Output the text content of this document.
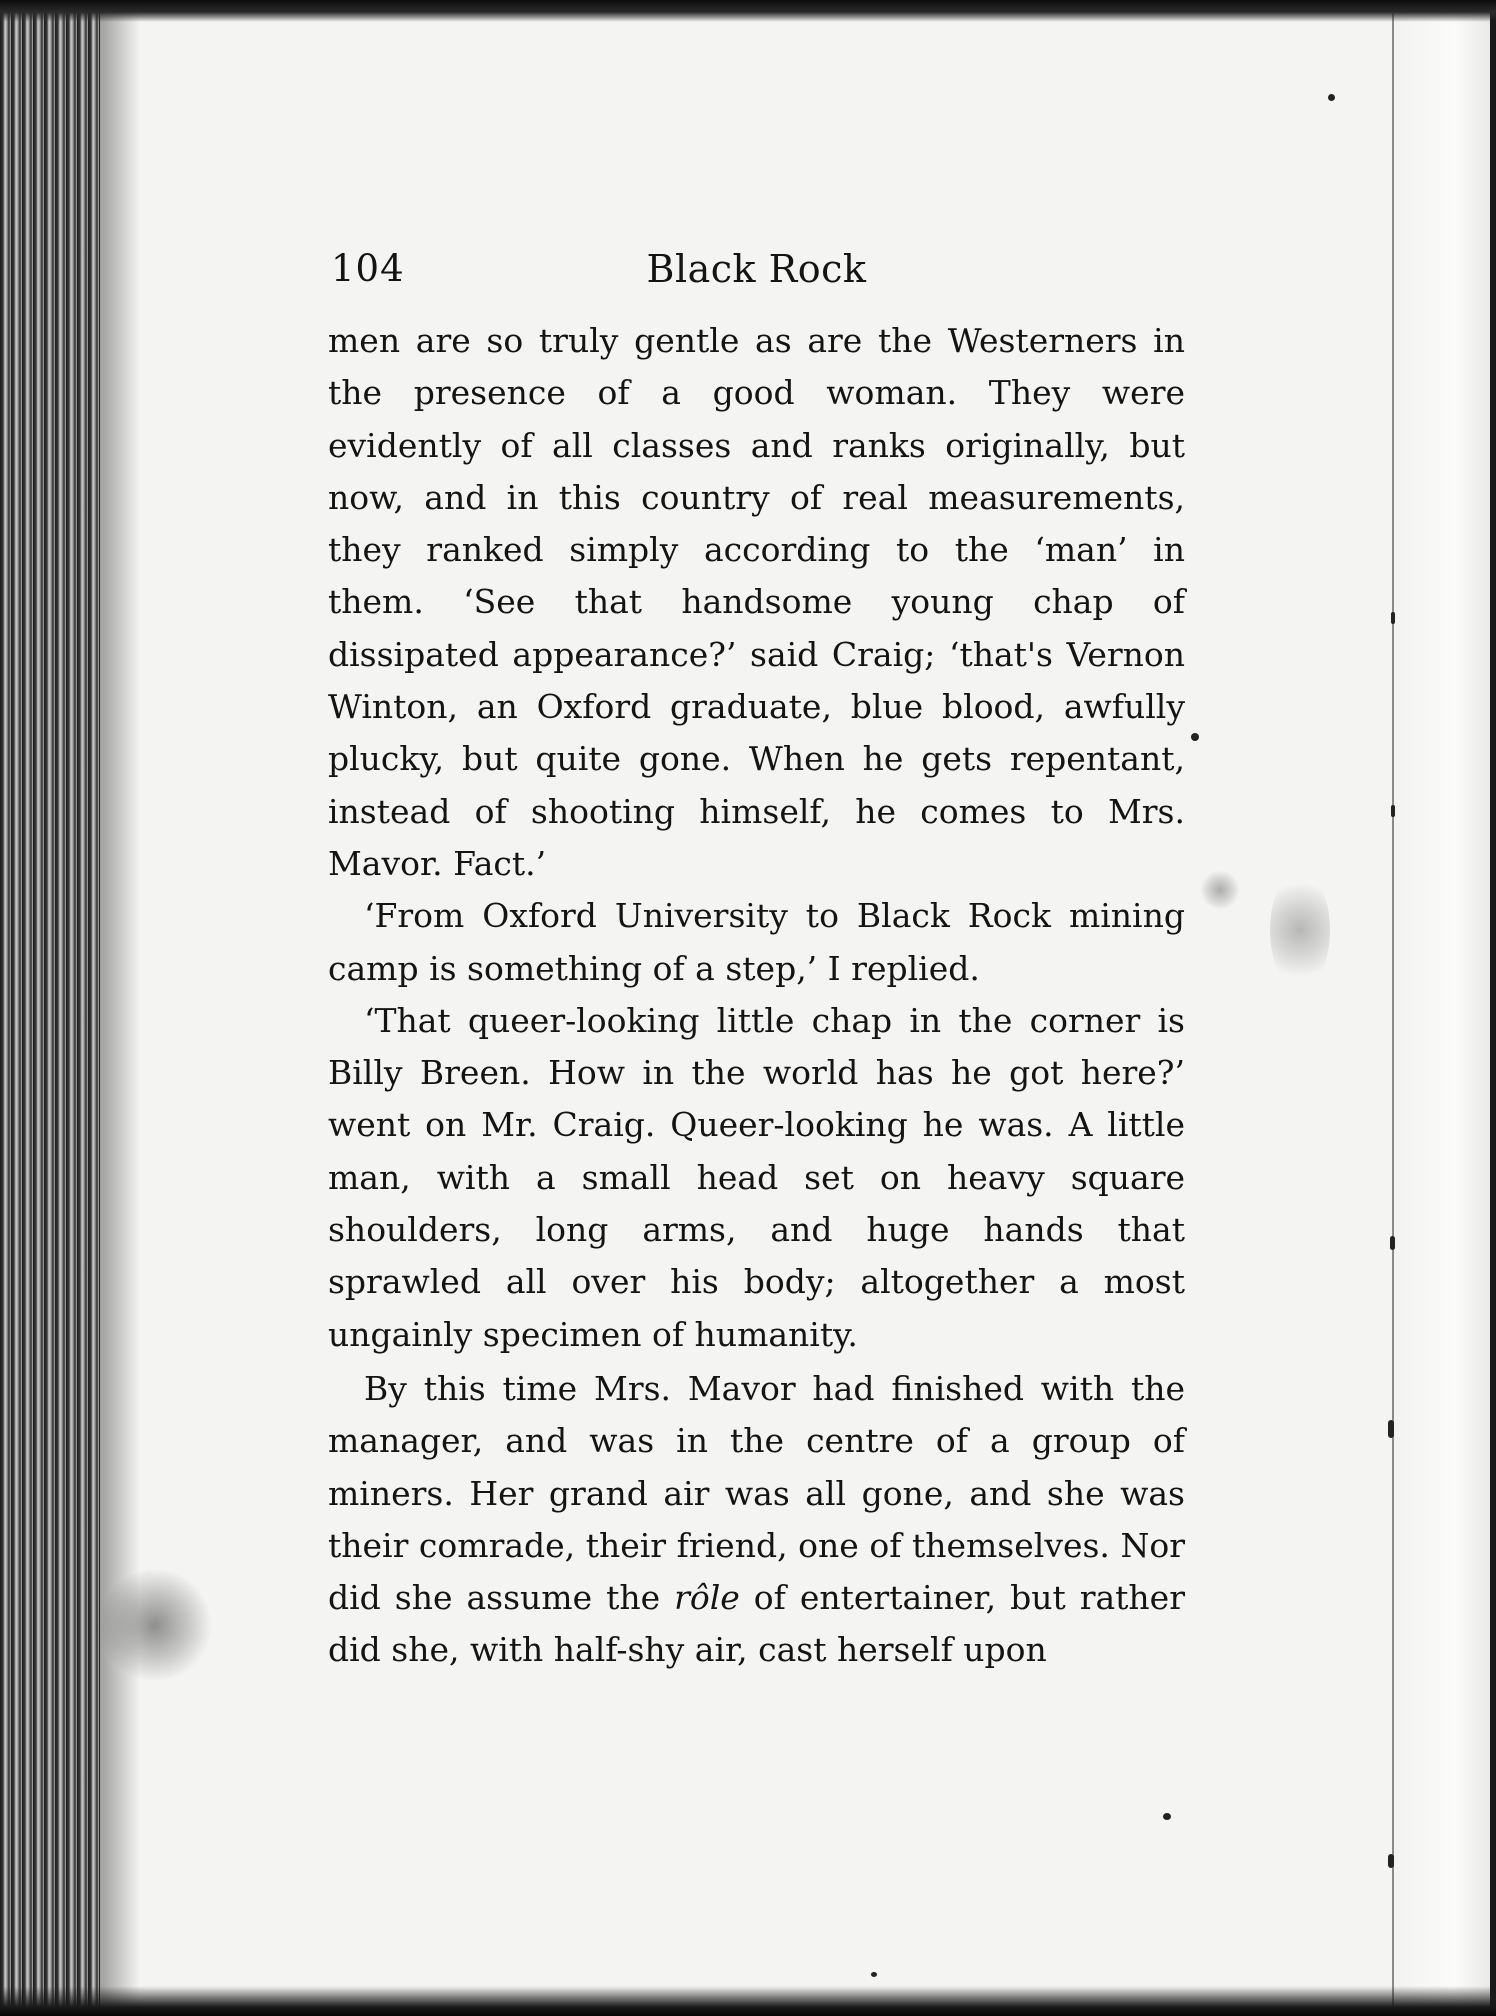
104	Black Rock

men are so truly gentle as are the Westerners in the presence of a good woman. They were evidently of all classes and ranks originally, but now, and in this country of real measurements, they ranked simply according to the ‘man’ in them. ‘See that handsome young chap of dissipated appearance?’ said Craig; ‘that's Vernon Winton, an Oxford graduate, blue blood, awfully plucky, but quite gone. When he gets repentant, instead of shooting himself, he comes to Mrs. Mavor. Fact.’

‘From Oxford University to Black Rock mining camp is something of a step,’ I replied.

‘That queer-looking little chap in the corner is Billy Breen. How in the world has he got here?’ went on Mr. Craig. Queer-looking he was. A little man, with a small head set on heavy square shoulders, long arms, and huge hands that sprawled all over his body; altogether a most ungainly specimen of humanity.

By this time Mrs. Mavor had finished with the manager, and was in the centre of a group of miners. Her grand air was all gone, and she was their comrade, their friend, one of themselves. Nor did she assume the rôle of entertainer, but rather did she, with half-shy air, cast herself upon
